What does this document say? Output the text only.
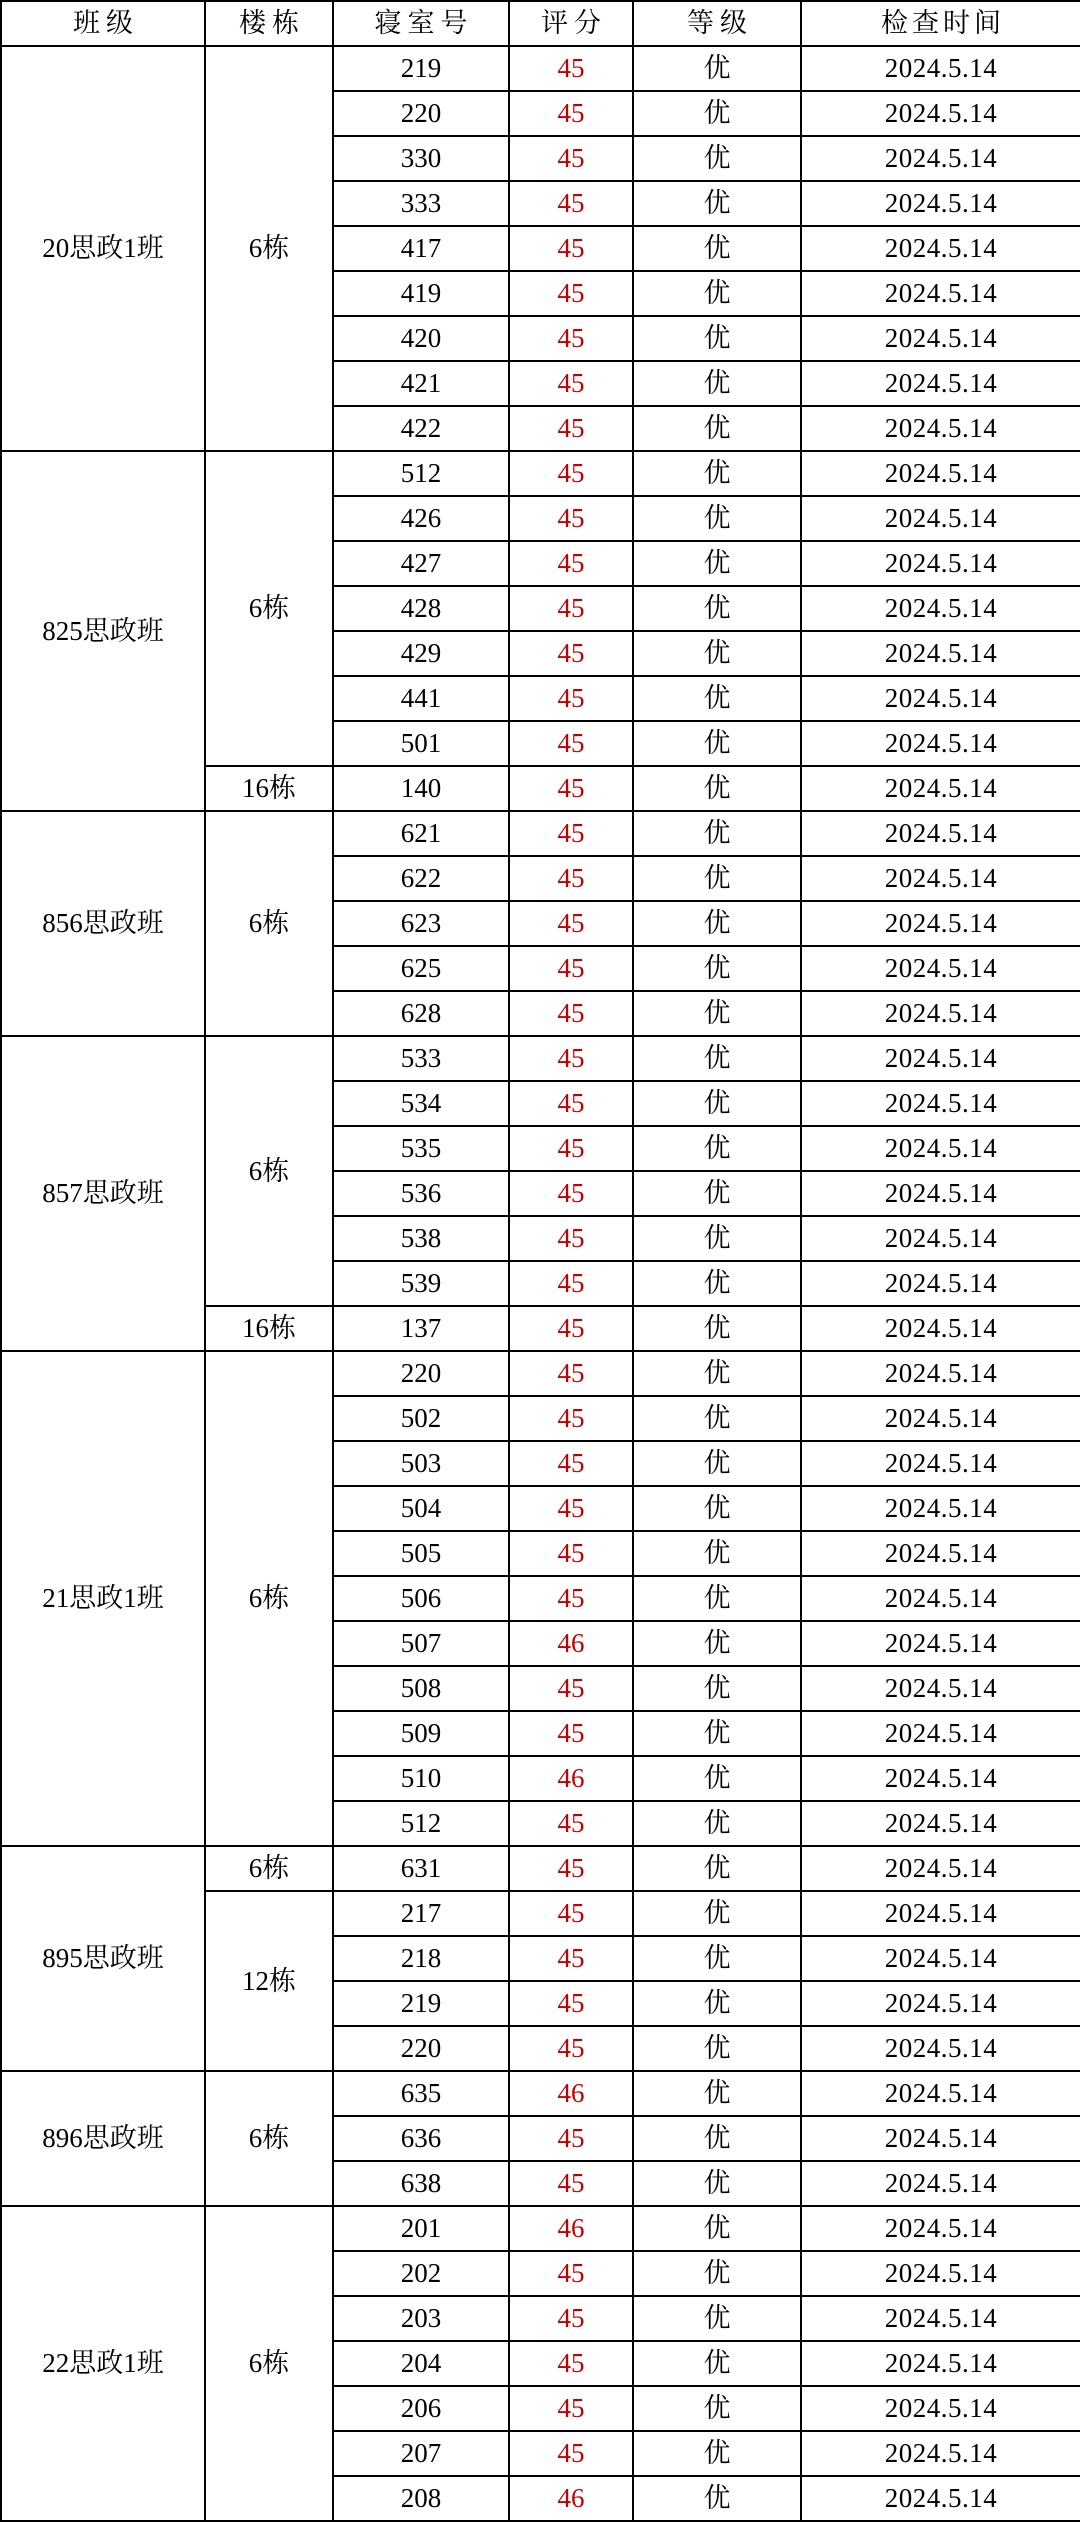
班级	楼栋	寝室号	评分	等级	检查时间
20思政1班	6栋	219	45	优	2024.5.14
		220	45	优	2024.5.14
		330	45	优	2024.5.14
		333	45	优	2024.5.14
		417	45	优	2024.5.14
		419	45	优	2024.5.14
		420	45	优	2024.5.14
		421	45	优	2024.5.14
		422	45	优	2024.5.14
825思政班	6栋	512	45	优	2024.5.14
		426	45	优	2024.5.14
		427	45	优	2024.5.14
		428	45	优	2024.5.14
		429	45	优	2024.5.14
		441	45	优	2024.5.14
		501	45	优	2024.5.14
	16栋	140	45	优	2024.5.14
856思政班	6栋	621	45	优	2024.5.14
		622	45	优	2024.5.14
		623	45	优	2024.5.14
		625	45	优	2024.5.14
		628	45	优	2024.5.14
857思政班	6栋	533	45	优	2024.5.14
		534	45	优	2024.5.14
		535	45	优	2024.5.14
		536	45	优	2024.5.14
		538	45	优	2024.5.14
		539	45	优	2024.5.14
	16栋	137	45	优	2024.5.14
21思政1班	6栋	220	45	优	2024.5.14
		502	45	优	2024.5.14
		503	45	优	2024.5.14
		504	45	优	2024.5.14
		505	45	优	2024.5.14
		506	45	优	2024.5.14
		507	46	优	2024.5.14
		508	45	优	2024.5.14
		509	45	优	2024.5.14
		510	46	优	2024.5.14
		512	45	优	2024.5.14
895思政班	6栋	631	45	优	2024.5.14
	12栋	217	45	优	2024.5.14
		218	45	优	2024.5.14
		219	45	优	2024.5.14
		220	45	优	2024.5.14
896思政班	6栋	635	46	优	2024.5.14
		636	45	优	2024.5.14
		638	45	优	2024.5.14
22思政1班	6栋	201	46	优	2024.5.14
		202	45	优	2024.5.14
		203	45	优	2024.5.14
		204	45	优	2024.5.14
		206	45	优	2024.5.14
		207	45	优	2024.5.14
		208	46	优	2024.5.14
